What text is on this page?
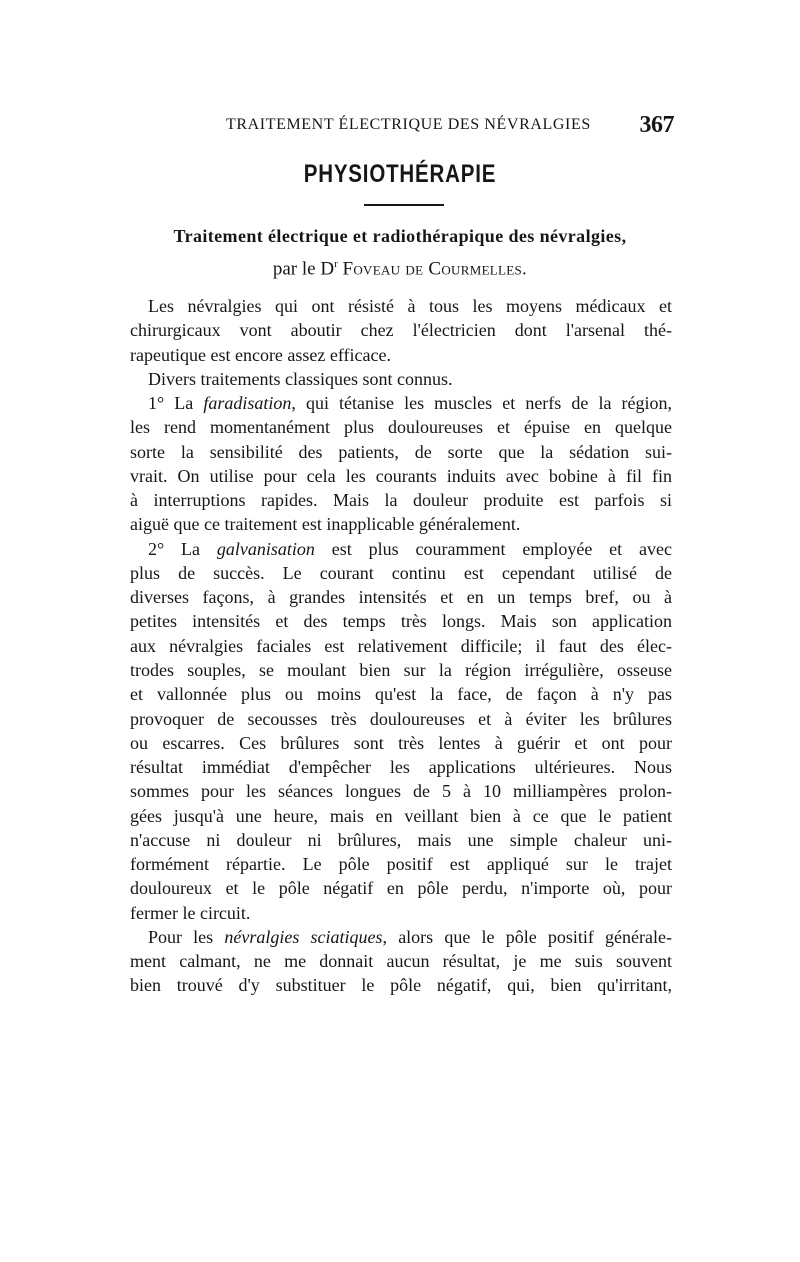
TRAITEMENT ÉLECTRIQUE DES NÉVRALGIES 367
PHYSIOTHÉRAPIE
Traitement électrique et radiothérapique des névralgies,
par le $D^r$ Foveau de Courmelles.
Les névralgies qui ont résisté à tous les moyens médicaux et
chirurgicaux vont aboutir chez l'électricien dont l'arsenal thé-
rapeutique est encore assez efficace.
Divers traitements classiques sont connus.
1° La faradisation, qui tétanise les muscles et nerfs de la région,
les rend momentanément plus douloureuses et épuise en quelque
sorte la sensibilité des patients, de sorte que la sédation sui-
vrait. On utilise pour cela les courants induits avec bobine à fil fin
à interruptions rapides. Mais la douleur produite est parfois si
aiguë que ce traitement est inapplicable généralement.
2° La galvanisation est plus couramment employée et avec
plus de succès. Le courant continu est cependant utilisé de
diverses façons, à grandes intensités et en un temps bref, ou à
petites intensités et des temps très longs. Mais son application
aux névralgies faciales est relativement difficile; il faut des élec-
trodes souples, se moulant bien sur la région irrégulière, osseuse
et vallonnée plus ou moins qu'est la face, de façon à n'y pas
provoquer de secousses très douloureuses et à éviter les brûlures
ou escarres. Ces brûlures sont très lentes à guérir et ont pour
résultat immédiat d'empêcher les applications ultérieures. Nous
sommes pour les séances longues de 5 à 10 milliampères prolon-
gées jusqu'à une heure, mais en veillant bien à ce que le patient
n'accuse ni douleur ni brûlures, mais une simple chaleur uni-
formément répartie. Le pôle positif est appliqué sur le trajet
douloureux et le pôle négatif en pôle perdu, n'importe où, pour
fermer le circuit.
Pour les névralgies sciatiques, alors que le pôle positif générale-
ment calmant, ne me donnait aucun résultat, je me suis souvent
bien trouvé d'y substituer le pôle négatif, qui, bien qu'irritant,
